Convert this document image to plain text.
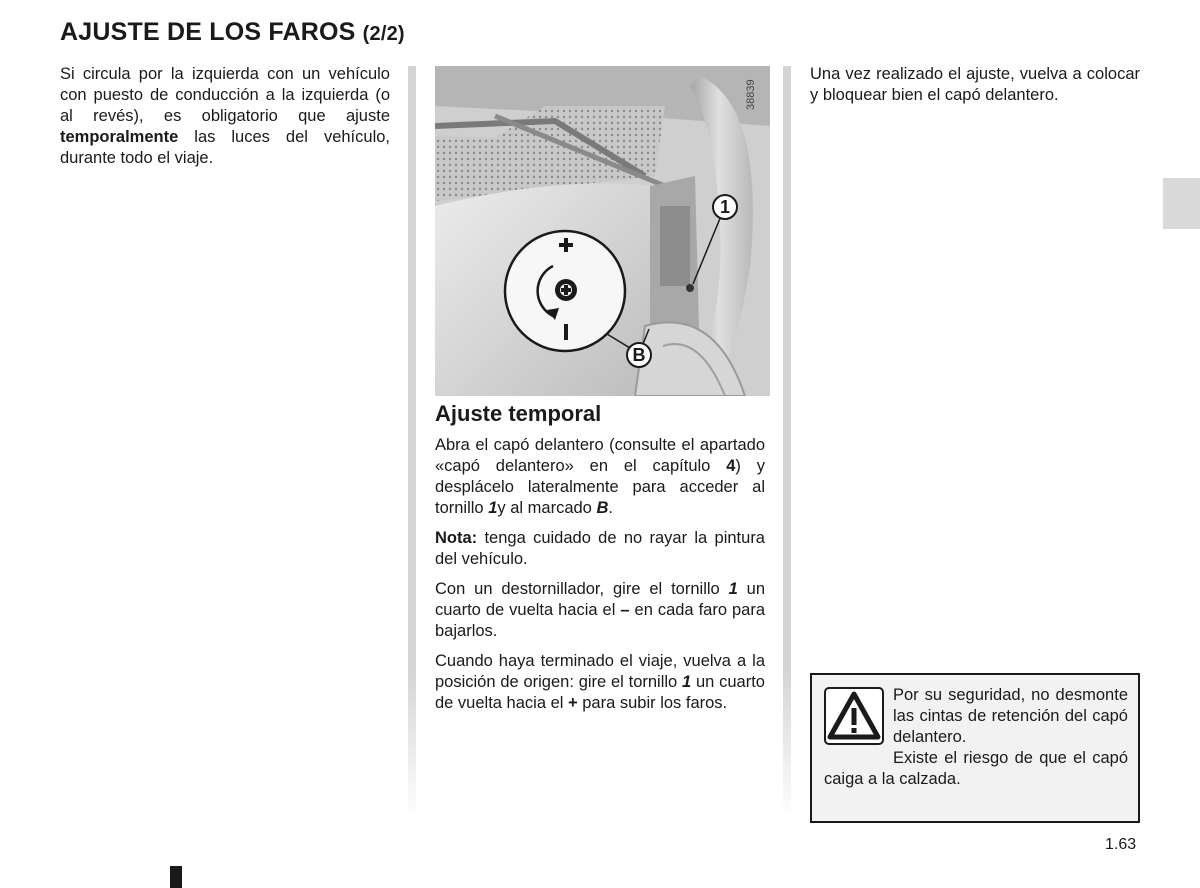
AJUSTE DE LOS FAROS (2/2)

Si circula por la izquierda con un vehículo con puesto de conducción a la izquierda (o al revés), es obligatorio que ajuste temporalmente las luces del vehículo, durante todo el viaje.

1
B
38839
Ajuste temporal

Abra el capó delantero (consulte el apartado «capó delantero» en el capítulo 4) y desplácelo lateralmente para acceder al tornillo 1y al marcado B.

Nota: tenga cuidado de no rayar la pintura del vehículo.

Con un destornillador, gire el tornillo 1 un cuarto de vuelta hacia el – en cada faro para bajarlos.

Cuando haya terminado el viaje, vuelva a la posición de origen: gire el tornillo 1 un cuarto de vuelta hacia el + para subir los faros.

Una vez realizado el ajuste, vuelva a colocar y bloquear bien el capó delantero.

Por su seguridad, no desmonte las cintas de retención del capó delantero.
Existe el riesgo de que el capó caiga a la calzada.
1.63
